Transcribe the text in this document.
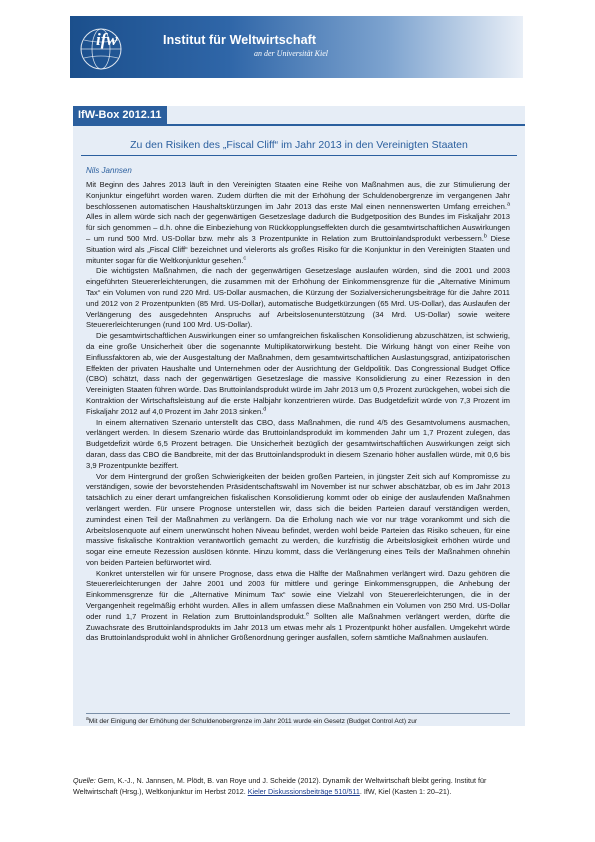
ifw	Institut für Weltwirtschaft
an der Universität Kiel
IfW-Box 2012.11
Zu den Risiken des „Fiscal Cliff“ im Jahr 2013 in den Vereinigten Staaten
Nils Jannsen

Mit Beginn des Jahres 2013 läuft in den Vereinigten Staaten eine Reihe von Maßnahmen aus, die zur Stimulierung der Konjunktur eingeführt worden waren. Zudem dürften die mit der Erhöhung der Schuldenobergrenze im vergangenen Jahr beschlossenen automatischen Haushaltskürzungen im Jahr 2013 das erste Mal einen nennenswerten Umfang erreichen.$^a$ Alles in allem würde sich nach der gegenwärtigen Gesetzeslage dadurch die Budgetposition des Bundes im Fiskaljahr 2013 für sich genommen – d.h. ohne die Einbeziehung von Rückkopplungseffekten durch die gesamtwirtschaftlichen Auswirkungen – um rund 500 Mrd. US-Dollar bzw. mehr als 3 Prozentpunkte in Relation zum Bruttoinlandsprodukt verbessern.$^b$ Diese Situation wird als „Fiscal Cliff“ bezeichnet und vielerorts als großes Risiko für die Konjunktur in den Vereinigten Staaten und mitunter sogar für die Weltkonjunktur gesehen.$^c$

Die wichtigsten Maßnahmen, die nach der gegenwärtigen Gesetzeslage auslaufen würden, sind die 2001 und 2003 eingeführten Steuererleichterungen, die zusammen mit der Erhöhung der Einkommensgrenze für die „Alternative Minimum Tax“ ein Volumen von rund 220 Mrd. US-Dollar ausmachen, die Kürzung der Sozialversicherungsbeiträge für die Jahre 2011 und 2012 von 2 Prozentpunkten (85 Mrd. US-Dollar), automatische Budgetkürzungen (65 Mrd. US-Dollar), das Auslaufen der Verlängerung des ausgedehnten Anspruchs auf Arbeitslosenunterstützung (34 Mrd. US-Dollar) sowie weitere Steuererleichterungen (rund 100 Mrd. US-Dollar).

Die gesamtwirtschaftlichen Auswirkungen einer so umfangreichen fiskalischen Konsolidierung abzuschätzen, ist schwierig, da eine große Unsicherheit über die sogenannte Multiplikatorwirkung besteht. Die Wirkung hängt von einer Reihe von Einflussfaktoren ab, wie der Ausgestaltung der Maßnahmen, dem gesamtwirtschaftlichen Auslastungsgrad, antizipatorischen Effekten der privaten Haushalte und Unternehmen oder der Ausrichtung der Geldpolitik. Das Congressional Budget Office (CBO) schätzt, dass nach der gegenwärtigen Gesetzeslage die massive Konsolidierung zu einer Rezession in den Vereinigten Staaten führen würde. Das Bruttoinlandsprodukt würde im Jahr 2013 um 0,5 Prozent zurückgehen, wobei sich die Kontraktion der Wirtschaftsleistung auf die erste Halbjahr konzentrieren würde. Das Budgetdefizit würde von 7,3 Prozent im Fiskaljahr 2012 auf 4,0 Prozent im Jahr 2013 sinken.$^d$

In einem alternativen Szenario unterstellt das CBO, dass Maßnahmen, die rund 4/5 des Gesamtvolumens ausmachen, verlängert werden. In diesem Szenario würde das Bruttoinlandsprodukt im kommenden Jahr um 1,7 Prozent zulegen, das Budgetdefizit würde 6,5 Prozent betragen. Die Unsicherheit bezüglich der gesamtwirtschaftlichen Auswirkungen zeigt sich daran, dass das CBO die Bandbreite, mit der das Bruttoinlandsprodukt in diesem Szenario höher ausfallen würde, mit 0,6 bis 3,9 Prozentpunkte beziffert.

Vor dem Hintergrund der großen Schwierigkeiten der beiden großen Parteien, in jüngster Zeit sich auf Kompromisse zu verständigen, sowie der bevorstehenden Präsidentschaftswahl im November ist nur schwer abschätzbar, ob es im Jahr 2013 tatsächlich zu einer derart umfangreichen fiskalischen Konsolidierung kommt oder ob einige der auslaufenden Maßnahmen verlängert werden. Für unsere Prognose unterstellen wir, dass sich die beiden Parteien darauf verständigen werden, zumindest einen Teil der Maßnahmen zu verlängern. Da die Erholung nach wie vor nur träge vorankommt und sich die Arbeitslosenquote auf einem unerwünscht hohen Niveau befindet, werden wohl beide Parteien das Risiko scheuen, für eine massive fiskalische Kontraktion verantwortlich gemacht zu werden, die kurzfristig die Arbeitslosigkeit erhöhen würde und sogar eine erneute Rezession auslösen könnte. Hinzu kommt, dass die Verlängerung eines Teils der Maßnahmen ohnehin von beiden Parteien befürwortet wird.

Konkret unterstellen wir für unsere Prognose, dass etwa die Hälfte der Maßnahmen verlängert wird. Dazu gehören die Steuererleichterungen der Jahre 2001 und 2003 für mittlere und geringe Einkommensgruppen, die Anhebung der Einkommensgrenze für die „Alternative Minimum Tax“ sowie eine Vielzahl von Steuererleichterungen, die in der Vergangenheit regelmäßig erhöht wurden. Alles in allem umfassen diese Maßnahmen ein Volumen von 250 Mrd. US-Dollar oder rund 1,7 Prozent in Relation zum Bruttoinlandsprodukt.$^e$ Sollten alle Maßnahmen verlängert werden, dürfte die Zuwachsrate des Bruttoinlandsprodukts im Jahr 2013 um etwas mehr als 1 Prozentpunkt höher ausfallen. Umgekehrt würde das Bruttoinlandsprodukt wohl in ähnlicher Größenordnung geringer ausfallen, sofern sämtliche Maßnahmen auslaufen.

$^a$Mit der Einigung der Erhöhung der Schuldenobergrenze im Jahr 2011 wurde ein Gesetz (Budget Control Act) zur
Quelle: Gern, K.-J., N. Jannsen, M. Plödt, B. van Roye und J. Scheide (2012). Dynamik der Weltwirtschaft bleibt gering. Institut für Weltwirtschaft (Hrsg.), Weltkonjunktur im Herbst 2012. Kieler Diskussionsbeiträge 510/511. IfW, Kiel (Kasten 1: 20–21).
